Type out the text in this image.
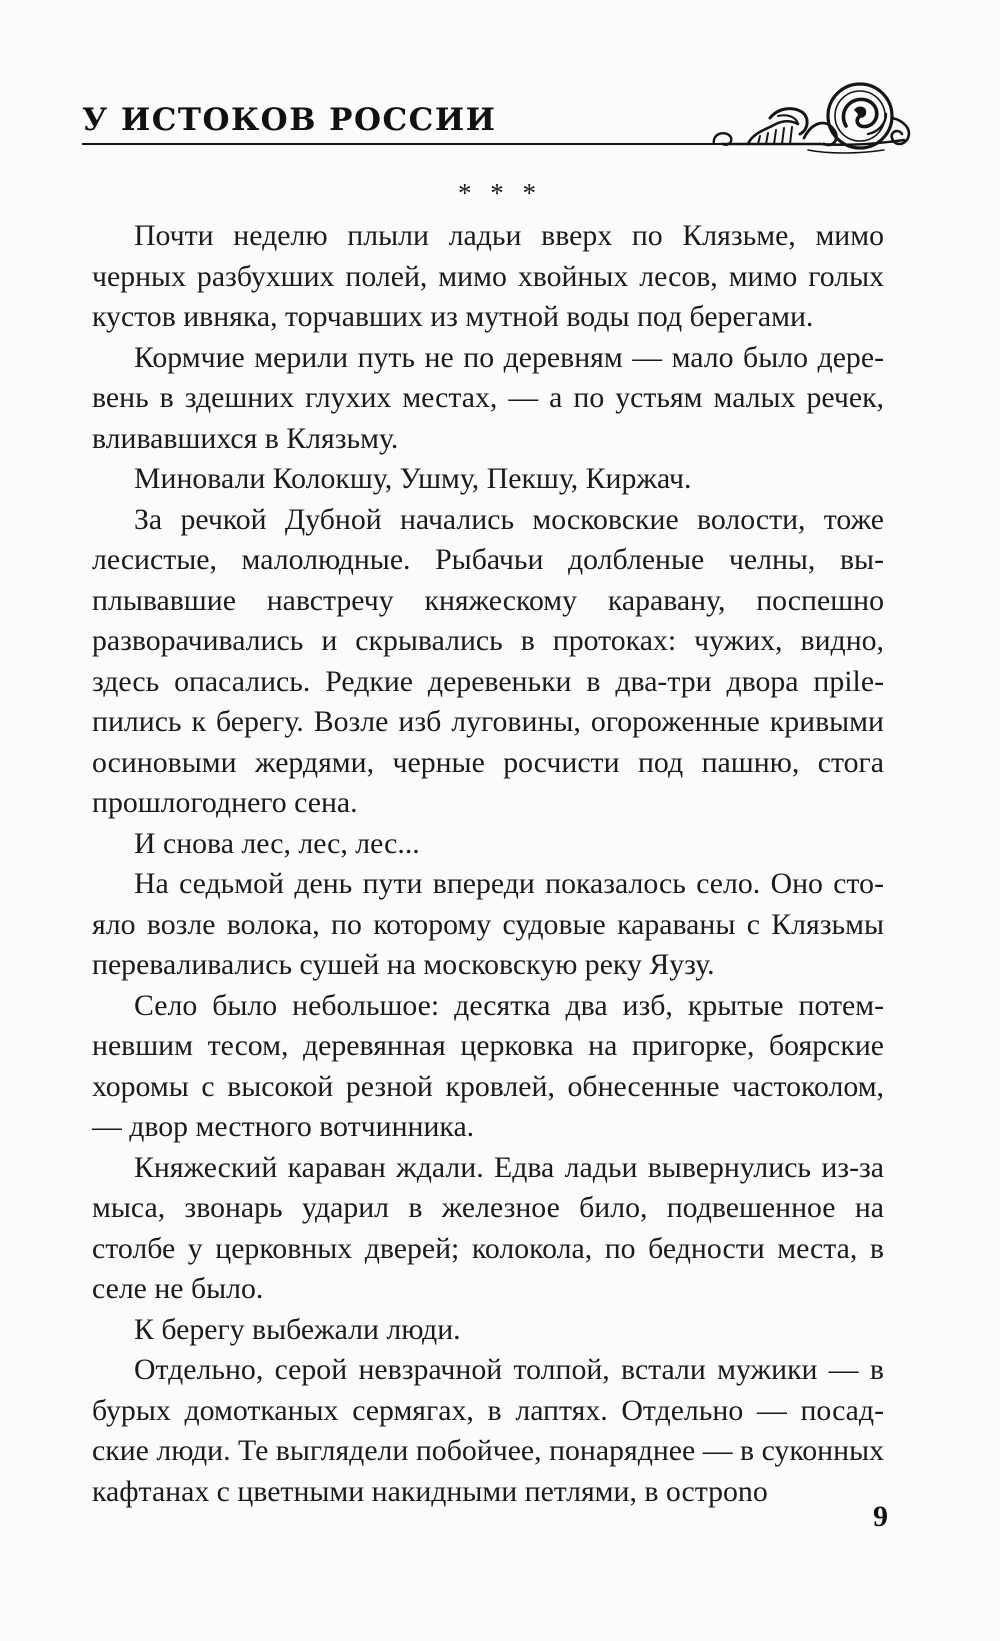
У ИСТОКОВ РОССИИ
* * *

Почти неделю плыли ладьи вверх по Клязьме, мимо черных разбухших полей, мимо хвойных лесов, мимо голых кустов ивняка, торчавших из мутной воды под берегами.

Кормчие мерили путь не по деревням — мало было деревень в здешних глухих местах, — а по устьям малых речек, вливавшихся в Клязьму.

Миновали Колокшу, Ушму, Пекшу, Киржач.

За речкой Дубной начались московские волости, тоже лесистые, малолюдные. Рыбачьи долбленые челны, выплывавшие навстречу княжескому каравану, поспешно разворачивались и скрывались в протоках: чужих, видно, здесь опасались. Редкие деревеньки в два-три двора прileпились к берегу. Возле изб луговины, огороженные кривыми осиновыми жердями, черные росчисти под пашню, стога прошлогоднего сена.

И снова лес, лес, лес...

На седьмой день пути впереди показалось село. Оно стояло возле волока, по которому судовые караваны с Клязьмы переваливались сушей на московскую реку Яузу.

Село было небольшое: десятка два изб, крытые потемневшим тесом, деревянная церковка на пригорке, боярские хоромы с высокой резной кровлей, обнесенные частоколом, — двор местного вотчинника.

Княжеский караван ждали. Едва ладьи вывернулись из-за мыса, звонарь ударил в железное било, подвешенное на столбе у церковных дверей; колокола, по бедности места, в селе не было.

К берегу выбежали люди.

Отдельно, серой невзрачной толпой, встали мужики — в бурых домотканых сермягах, в лаптях. Отдельно — посадские люди. Те выглядели побойчее, понаряднее — в суконных кафтанах с цветными накидными петлями, в острono

9
